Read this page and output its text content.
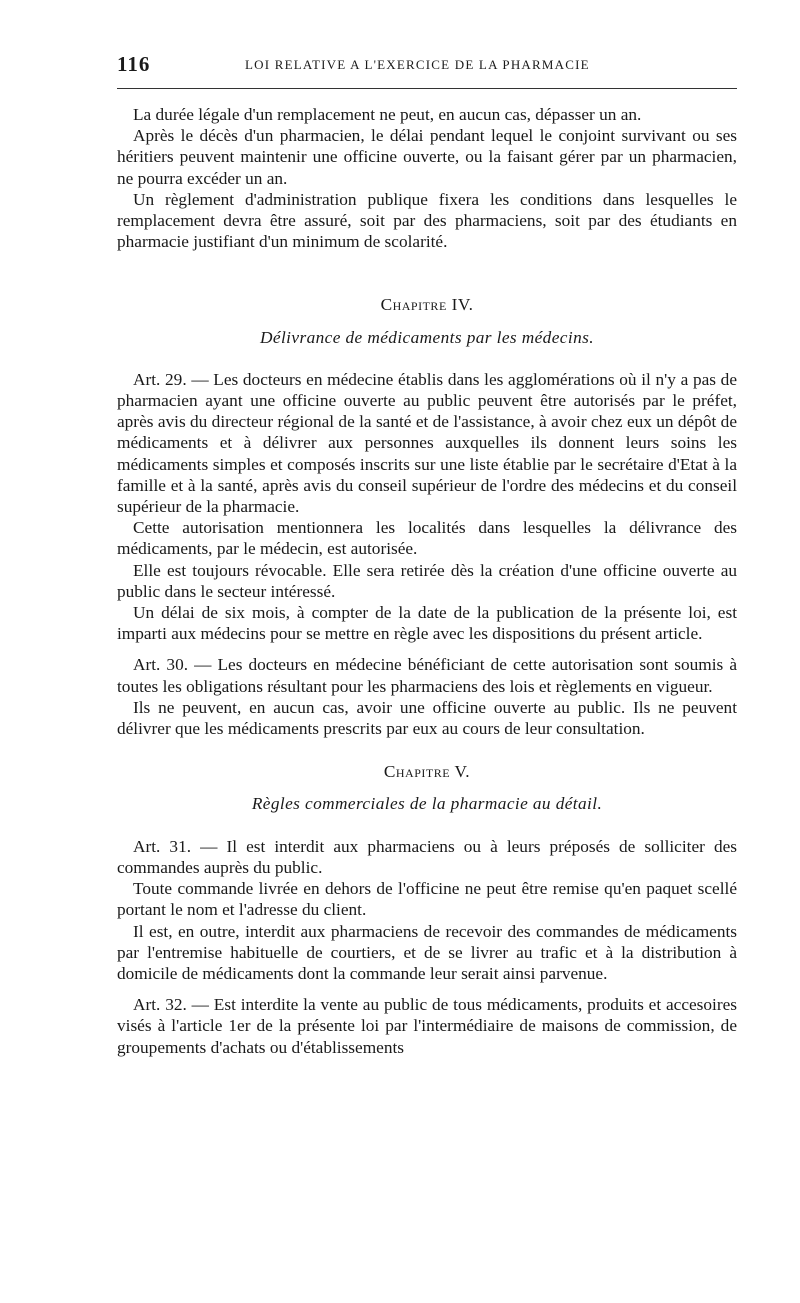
116	LOI RELATIVE A L'EXERCICE DE LA PHARMACIE

La durée légale d'un remplacement ne peut, en aucun cas, dépasser un an.

Après le décès d'un pharmacien, le délai pendant lequel le conjoint survivant ou ses héritiers peuvent maintenir une officine ouverte, ou la faisant gérer par un pharmacien, ne pourra excéder un an.

Un règlement d'administration publique fixera les conditions dans lesquelles le remplacement devra être assuré, soit par des pharmaciens, soit par des étudiants en pharmacie justifiant d'un minimum de scolarité.

Chapitre IV.
Délivrance de médicaments par les médecins.

Art. 29. — Les docteurs en médecine établis dans les agglomérations où il n'y a pas de pharmacien ayant une officine ouverte au public peuvent être autorisés par le préfet, après avis du directeur régional de la santé et de l'assistance, à avoir chez eux un dépôt de médicaments et à délivrer aux personnes auxquelles ils donnent leurs soins les médicaments simples et composés inscrits sur une liste établie par le secrétaire d'Etat à la famille et à la santé, après avis du conseil supérieur de l'ordre des médecins et du conseil supérieur de la pharmacie.

Cette autorisation mentionnera les localités dans lesquelles la délivrance des médicaments, par le médecin, est autorisée.

Elle est toujours révocable. Elle sera retirée dès la création d'une officine ouverte au public dans le secteur intéressé.

Un délai de six mois, à compter de la date de la publication de la présente loi, est imparti aux médecins pour se mettre en règle avec les dispositions du présent article.

Art. 30. — Les docteurs en médecine bénéficiant de cette autorisation sont soumis à toutes les obligations résultant pour les pharmaciens des lois et règlements en vigueur.

Ils ne peuvent, en aucun cas, avoir une officine ouverte au public. Ils ne peuvent délivrer que les médicaments prescrits par eux au cours de leur consultation.

Chapitre V.
Règles commerciales de la pharmacie au détail.

Art. 31. — Il est interdit aux pharmaciens ou à leurs préposés de solliciter des commandes auprès du public.

Toute commande livrée en dehors de l'officine ne peut être remise qu'en paquet scellé portant le nom et l'adresse du client.

Il est, en outre, interdit aux pharmaciens de recevoir des commandes de médicaments par l'entremise habituelle de courtiers, et de se livrer au trafic et à la distribution à domicile de médicaments dont la commande leur serait ainsi parvenue.

Art. 32. — Est interdite la vente au public de tous médicaments, produits et accesoires visés à l'article 1er de la présente loi par l'intermédiaire de maisons de commission, de groupements d'achats ou d'établissements
